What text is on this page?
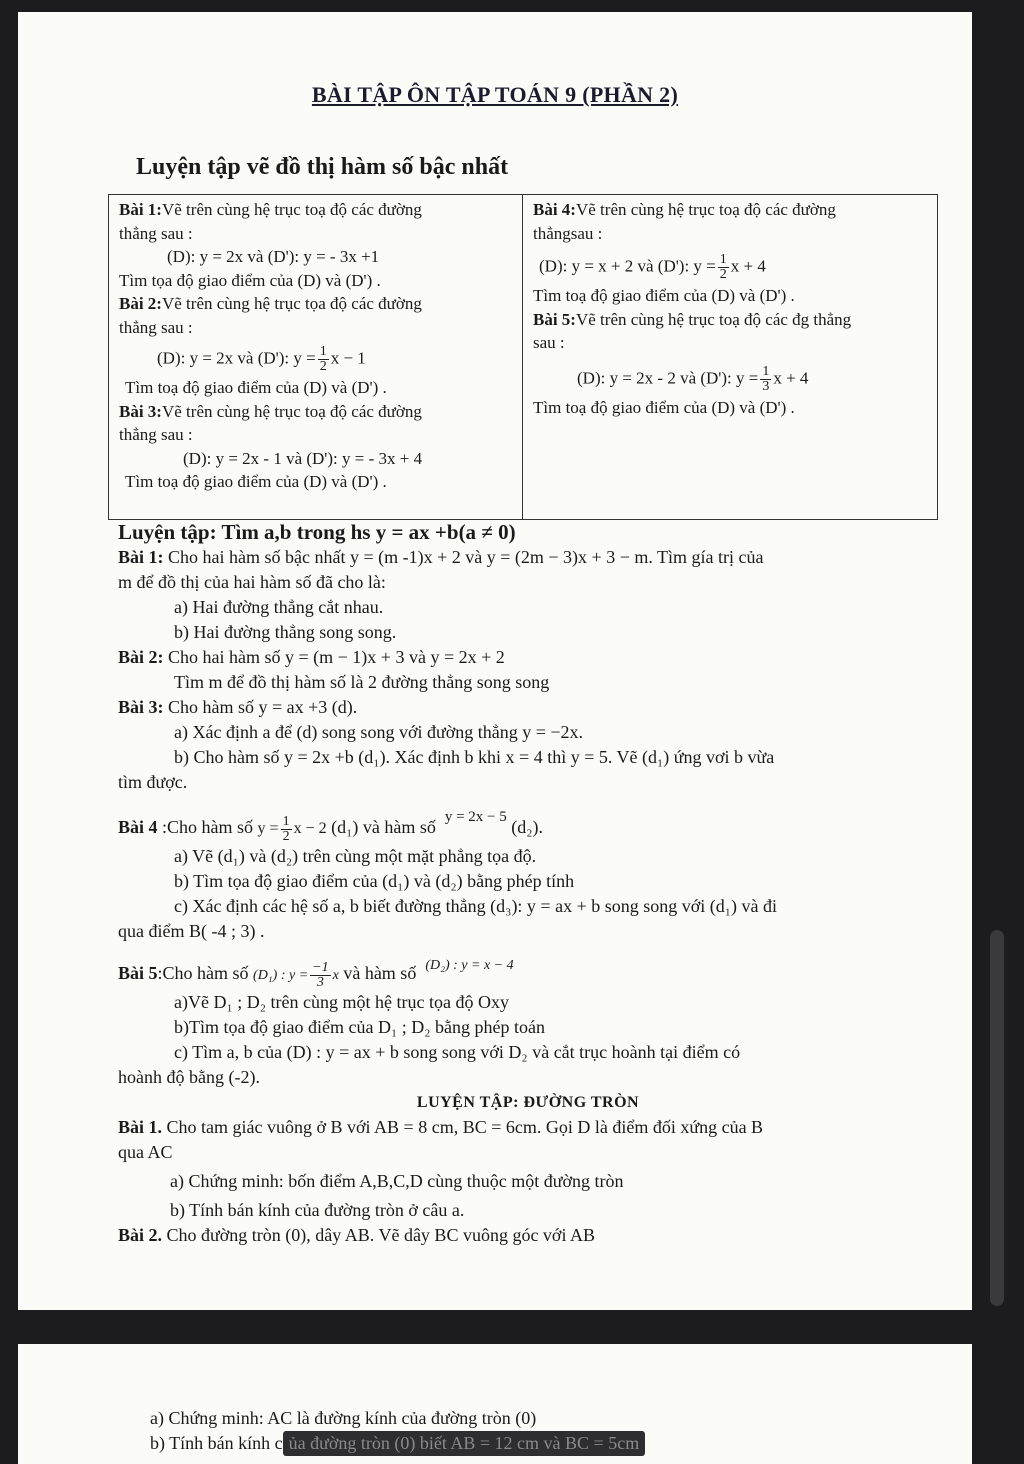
BÀI TẬP ÔN TẬP TOÁN 9 (PHẦN 2)
Luyện tập vẽ đồ thị hàm số bậc nhất
Bài 1:Vẽ trên cùng hệ trục toạ độ các đường
thẳng sau :
(D): y = 2x và (D'): y = - 3x +1
Tìm tọa độ giao điểm của (D) và (D') .
Bài 2:Vẽ trên cùng hệ trục tọa độ các đường
thẳng sau :
(D): y = 2x và (D'): $y = \frac{1}{2}$ x − 1
Tìm toạ độ giao điểm của (D) và (D') .
Bài 3:Vẽ trên cùng hệ trục toạ độ các đường
thẳng sau :
(D): y = 2x - 1 và (D'): y = - 3x + 4
Tìm toạ độ giao điểm của (D) và (D') .
Bài 4:Vẽ trên cùng hệ trục toạ độ các đường
thẳngsau :
(D): y = x + 2 và (D'): $y = \frac{1}{2}$ x + 4
Tìm toạ độ giao điểm của (D) và (D') .
Bài 5:Vẽ trên cùng hệ trục toạ độ các đg thẳng
sau :
(D): y = 2x - 2 và (D'): $y = \frac{1}{3}$ x + 4
Tìm toạ độ giao điểm của (D) và (D') .
Luyện tập: Tìm a,b trong hs y = ax +b(a ≠ 0)
Bài 1: Cho hai hàm số bậc nhất y = (m -1)x + 2 và y = (2m − 3)x + 3 − m. Tìm gía trị của
m để đồ thị của hai hàm số đã cho là:
a) Hai đường thẳng cắt nhau.
b) Hai đường thẳng song song.
Bài 2: Cho hai hàm số y = (m − 1)x + 3 và y = 2x + 2
Tìm m để đồ thị hàm số là 2 đường thẳng song song
Bài 3: Cho hàm số y = ax +3 (d).
a) Xác định a để (d) song song với đường thẳng y = −2x.
b) Cho hàm số y = 2x +b (d₁). Xác định b khi x = 4 thì y = 5. Vẽ (d₁) ứng vơi b vừa
tìm được.
Bài 4 :Cho hàm số $y = \frac{1}{2}$ x − 2 (d₁) và hàm số $^{y = 2x - 5}$ (d₂).
a) Vẽ (d₁) và (d₂) trên cùng một mặt phẳng tọa độ.
b) Tìm tọa độ giao điểm của (d₁) và (d₂) bằng phép tính
c) Xác định các hệ số a, b biết đường thẳng (d₃): y = ax + b song song với (d₁) và đi
qua điểm B( -4 ; 3) .
Bài 5:Cho hàm số (D₁) : $y = \frac{-1}{3}$ x và hàm số $^{(D_2) : y = x - 4}$
a)Vẽ D₁ ; D₂ trên cùng một hệ trục tọa độ Oxy
b)Tìm tọa độ giao điểm của D₁ ; D₂ bằng phép toán
c) Tìm a, b của (D) : y = ax + b song song với D₂ và cắt trục hoành tại điểm có
hoành độ bằng (-2).
LUYỆN TẬP: ĐƯỜNG TRÒN
Bài 1. Cho tam giác vuông ở B với AB = 8 cm, BC = 6cm. Gọi D là điểm đối xứng của B
qua AC
a) Chứng minh: bốn điểm A,B,C,D cùng thuộc một đường tròn
b) Tính bán kính của đường tròn ở câu a.
Bài 2. Cho đường tròn (0), dây AB. Vẽ dây BC vuông góc với AB
a) Chứng minh: AC là đường kính của đường tròn (0)
b) Tính bán kính c ủa đường tròn (0) biết AB = 12 cm và BC = 5cm
